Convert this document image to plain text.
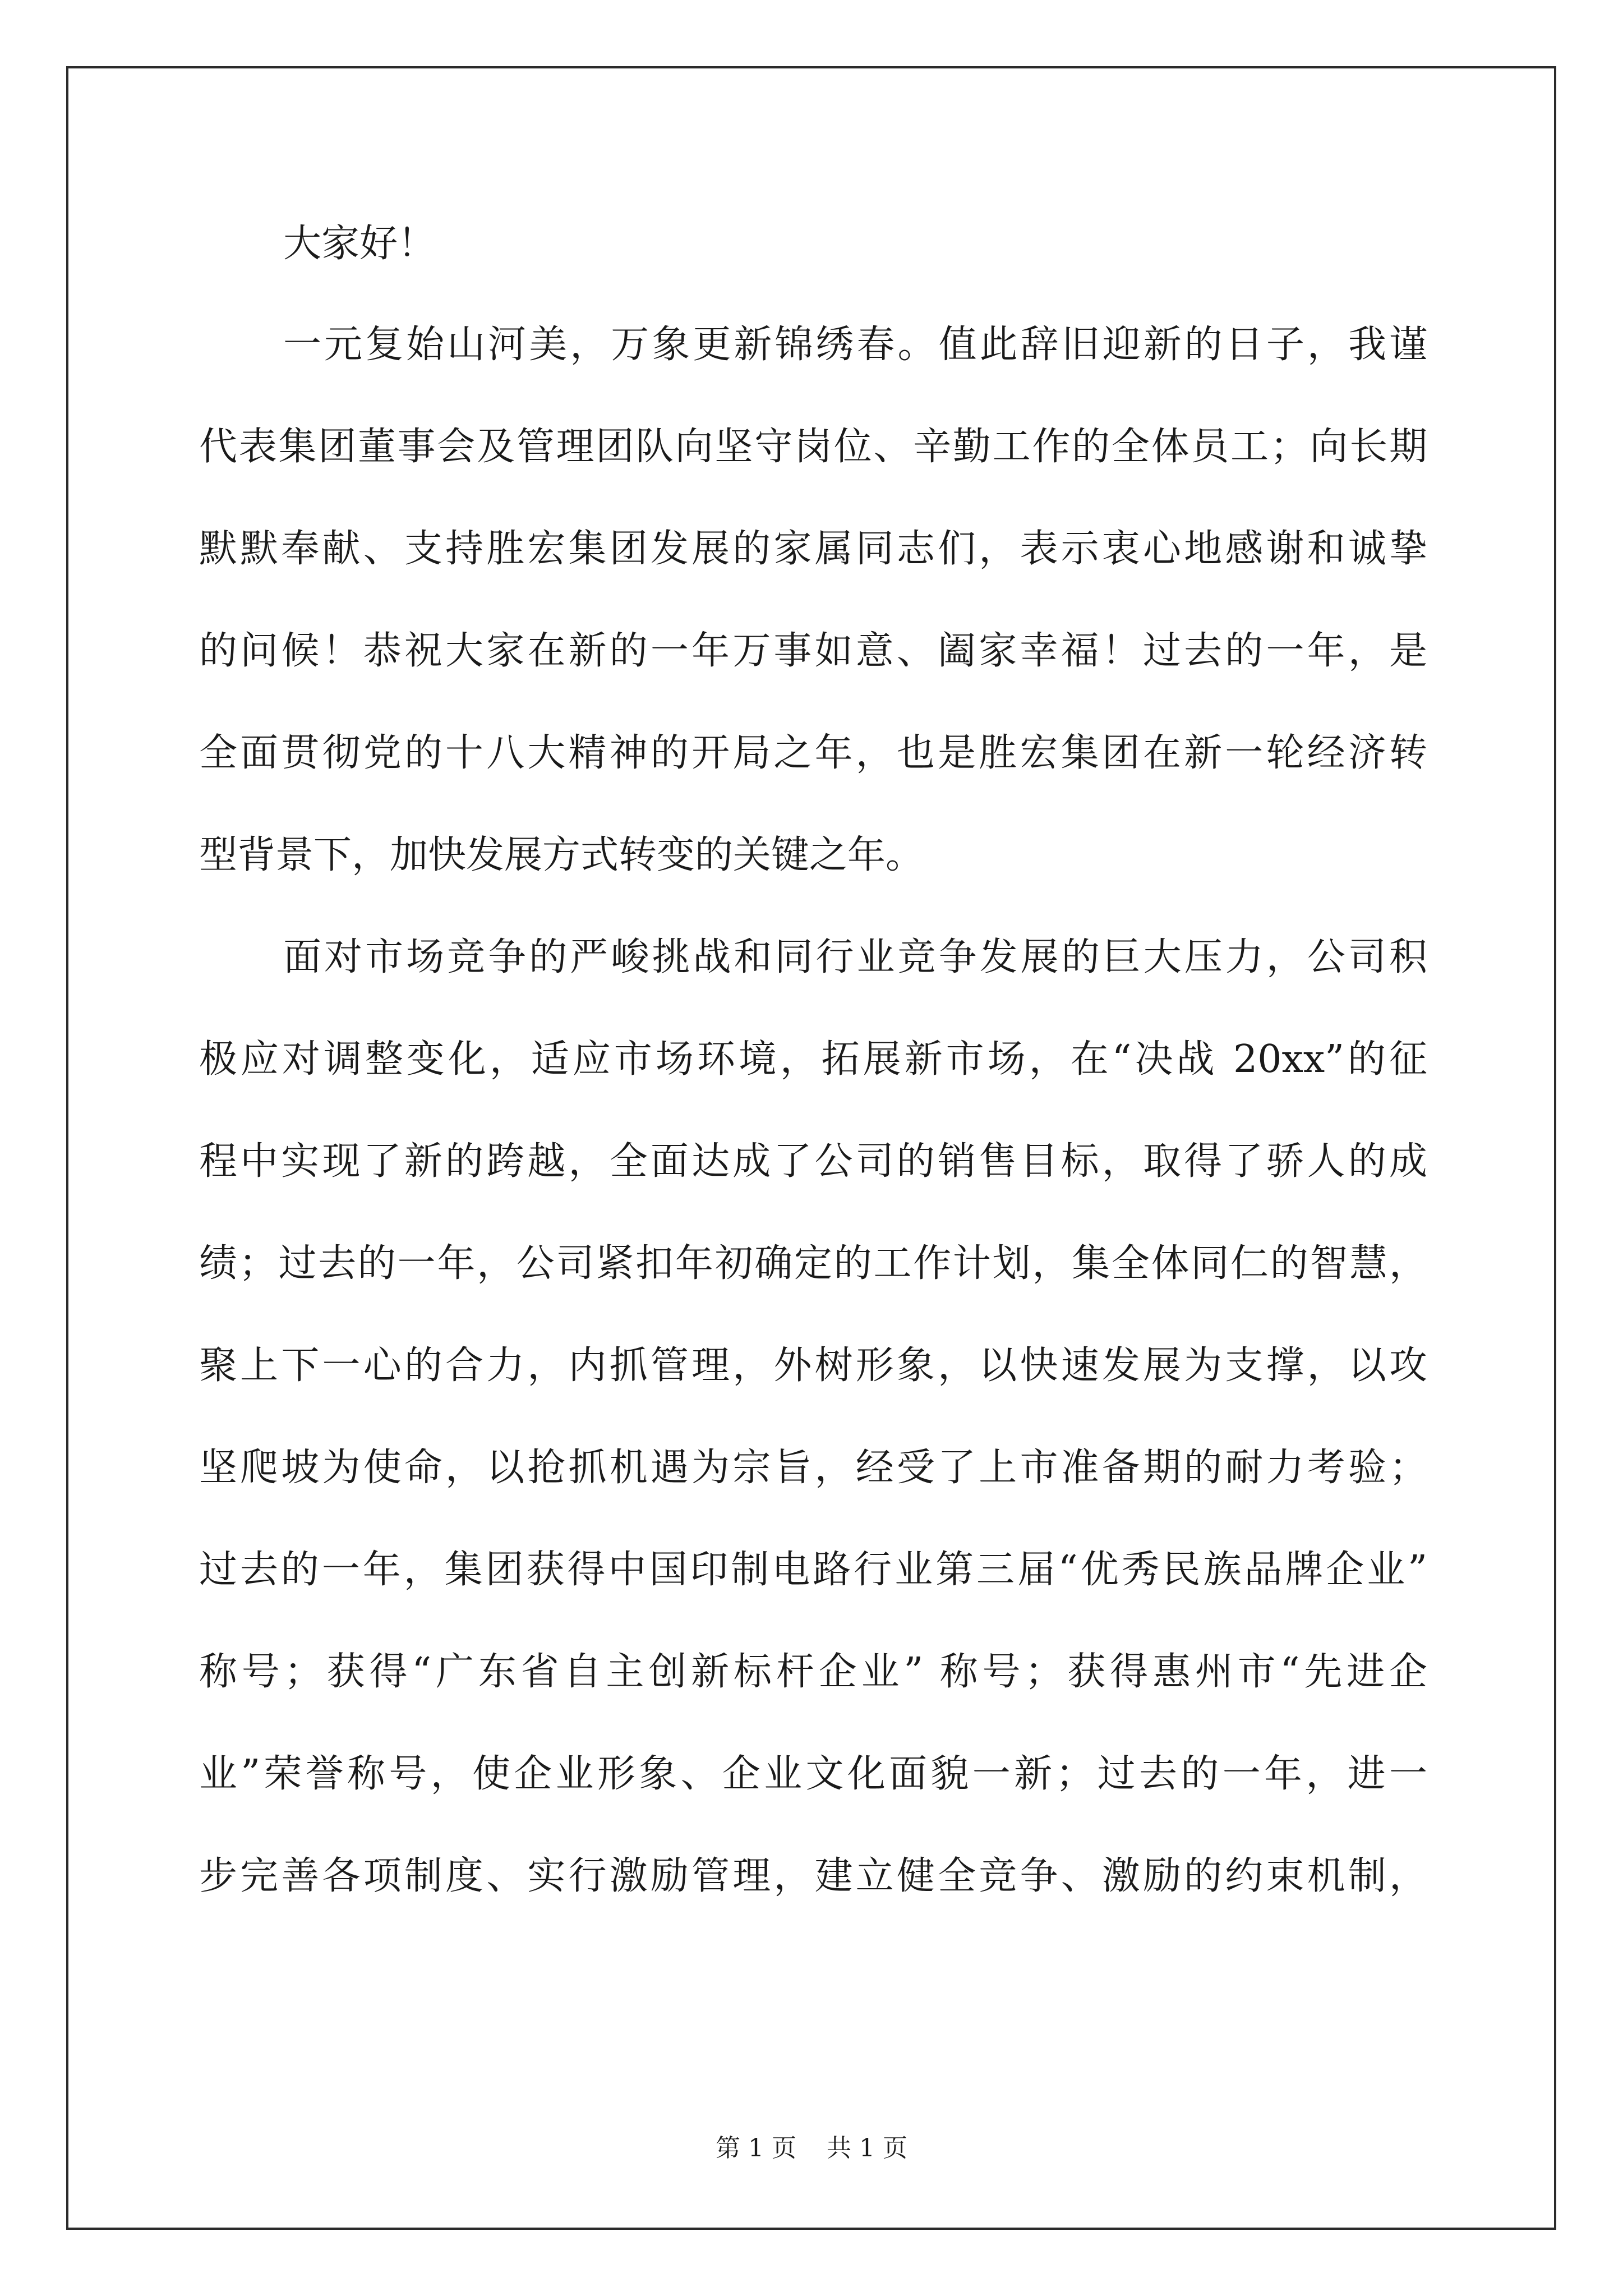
大家好！
一元复始山河美，万象更新锦绣春。值此辞旧迎新的日子，我谨
代表集团董事会及管理团队向坚守岗位、辛勤工作的全体员工；向长期
默默奉献、支持胜宏集团发展的家属同志们，表示衷心地感谢和诚挚
的问候！恭祝大家在新的一年万事如意、阖家幸福！过去的一年，是
全面贯彻党的十八大精神的开局之年，也是胜宏集团在新一轮经济转
型背景下，加快发展方式转变的关键之年。
面对市场竞争的严峻挑战和同行业竞争发展的巨大压力，公司积
极应对调整变化，适应市场环境，拓展新市场，在“决战 20xx”的征
程中实现了新的跨越，全面达成了公司的销售目标，取得了骄人的成
绩；过去的一年，公司紧扣年初确定的工作计划，集全体同仁的智慧，
聚上下一心的合力，内抓管理，外树形象，以快速发展为支撑，以攻
坚爬坡为使命，以抢抓机遇为宗旨，经受了上市准备期的耐力考验；
过去的一年，集团获得中国印制电路行业第三届“优秀民族品牌企业”
称号；获得“广东省自主创新标杆企业” 称号；获得惠州市“先进企
业”荣誉称号，使企业形象、企业文化面貌一新；过去的一年，进一
步完善各项制度、实行激励管理，建立健全竞争、激励的约束机制，
第 1 页 共 1 页
